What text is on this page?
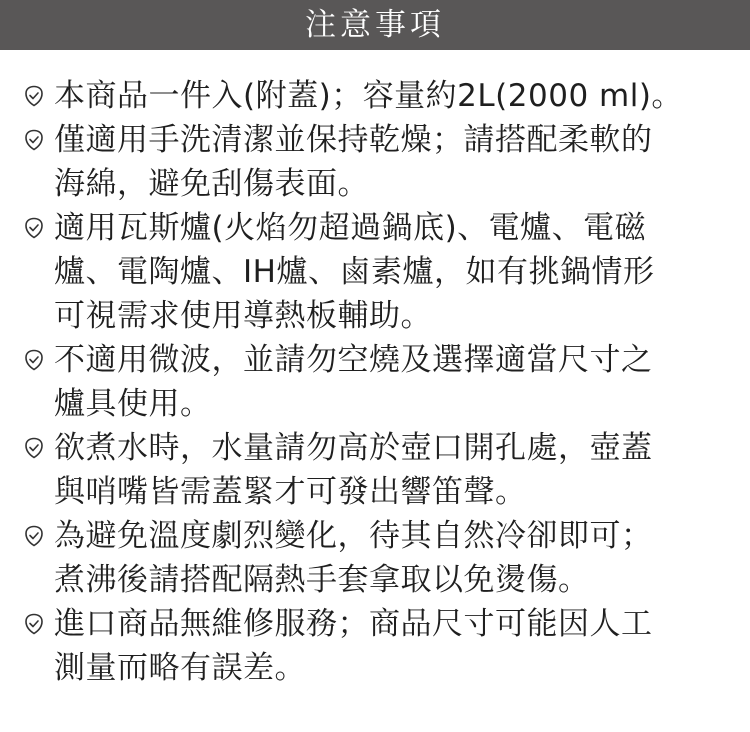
注意事項
本商品一件入(附蓋)；容量約2L(2000 ml)。
僅適用手洗清潔並保持乾燥；請搭配柔軟的
海綿，避免刮傷表面。
適用瓦斯爐(火焰勿超過鍋底)、電爐、電磁
爐、電陶爐、IH爐、鹵素爐，如有挑鍋情形
可視需求使用導熱板輔助。
不適用微波，並請勿空燒及選擇適當尺寸之
爐具使用。
欲煮水時，水量請勿高於壺口開孔處，壺蓋
與哨嘴皆需蓋緊才可發出響笛聲。
為避免溫度劇烈變化，待其自然冷卻即可；
煮沸後請搭配隔熱手套拿取以免燙傷。
進口商品無維修服務；商品尺寸可能因人工
測量而略有誤差。
